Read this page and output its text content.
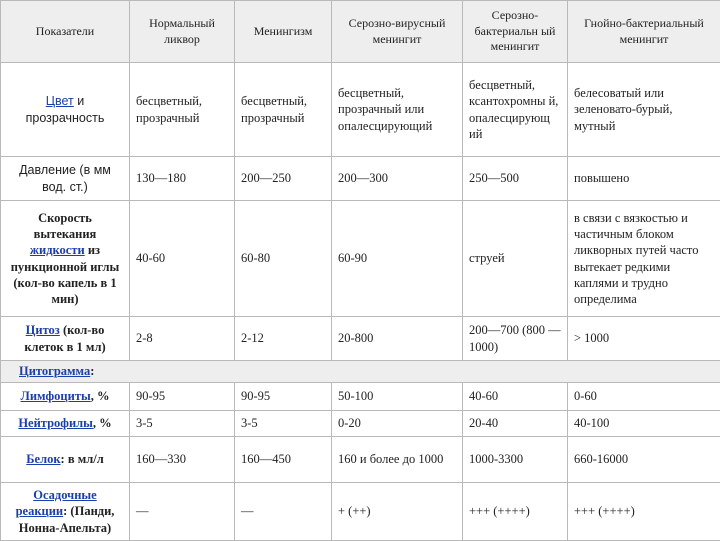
Показатели	Нормальный ликвор	Менингизм	Серозно-вирусный менингит	Серозно-бактериальн ый менингит	Гнойно-бактериальный менингит
Цвет и прозрачность	бесцветный, прозрачный	бесцветный, прозрачный	бесцветный, прозрачный или опалесцирующий	бесцветный, ксантохромны й, опалесцирующ ий	белесоватый или зеленовато-бурый, мутный
Давление (в мм вод. ст.)	130—180	200—250	200—300	250—500	повышено
Скорость вытекания жидкости из пункционной иглы (кол-во капель в 1 мин)	40-60	60-80	60-90	струей	в связи с вязкостью и частичным блоком ликворных путей часто вытекает редкими каплями и трудно определима
Цитоз (кол-во клеток в 1 мл)	2-8	2-12	20-800	200—700 (800 —1000)	> 1000
Цитограмма:					
Лимфоциты, %	90-95	90-95	50-100	40-60	0-60
Нейтрофилы, %	3-5	3-5	0-20	20-40	40-100
Белок: в мл/л	160—330	160—450	160 и более до 1000	1000-3300	660-16000
Осадочные реакции: (Панди, Нонна-Апельта)	—	—	+ (++)	+++ (++++)	+++ (++++)
